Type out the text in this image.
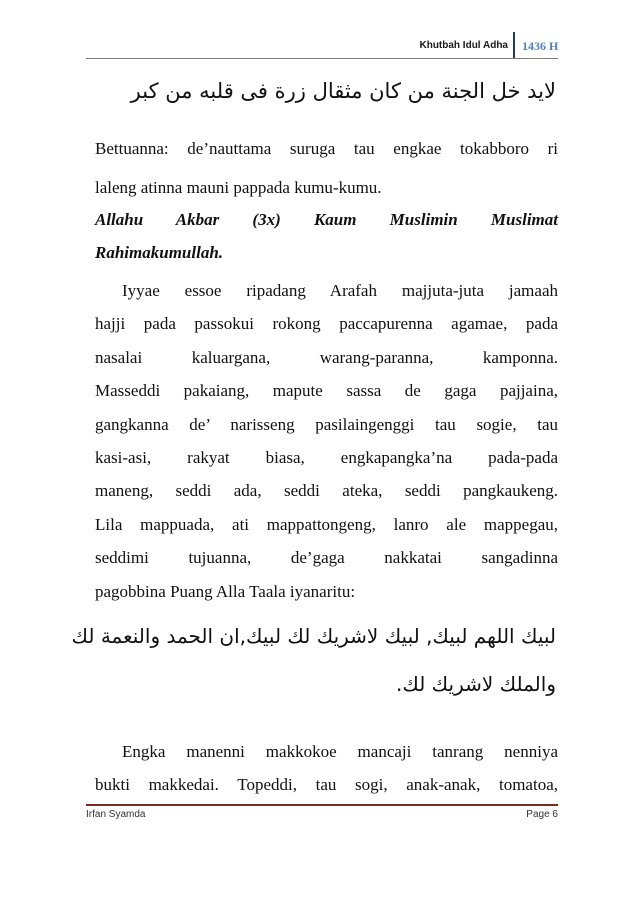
Khutbah Idul Adha 1436 H

لايد خل الجنة من كان مثقال زرة فى قلبه من كبر

Bettuanna: de’nauttama suruga tau engkae tokabboro ri
laleng atinna mauni pappada kumu-kumu.

Allahu Akbar (3x) Kaum Muslimin Muslimat
Rahimakumullah.

Iyyae essoe ripadang Arafah majjuta-juta jamaah
hajji pada passokui rokong paccapurenna agamae, pada
nasalai kaluargana, warang-paranna, kamponna.
Masseddi pakaiang, mapute sassa de gaga pajjaina,
gangkanna de’ narisseng pasilaingenggi tau sogie, tau
kasi-asi, rakyat biasa, engkapangka’na pada-pada
maneng, seddi ada, seddi ateka, seddi pangkaukeng.
Lila mappuada, ati mappattongeng, lanro ale mappegau,
seddimi tujuanna, de’gaga nakkatai sangadinna
pagobbina Puang Alla Taala iyanaritu:

لبيك اللهم لبيك, لبيك لاشريك لك لبيك,ان الحمد والنعمة لك

والملك لاشريك لك.

Engka manenni makkokoe mancaji tanrang nenniya
bukti makkedai. Topeddi, tau sogi, anak-anak, tomatoa,
Irfan Syamda	Page 6
